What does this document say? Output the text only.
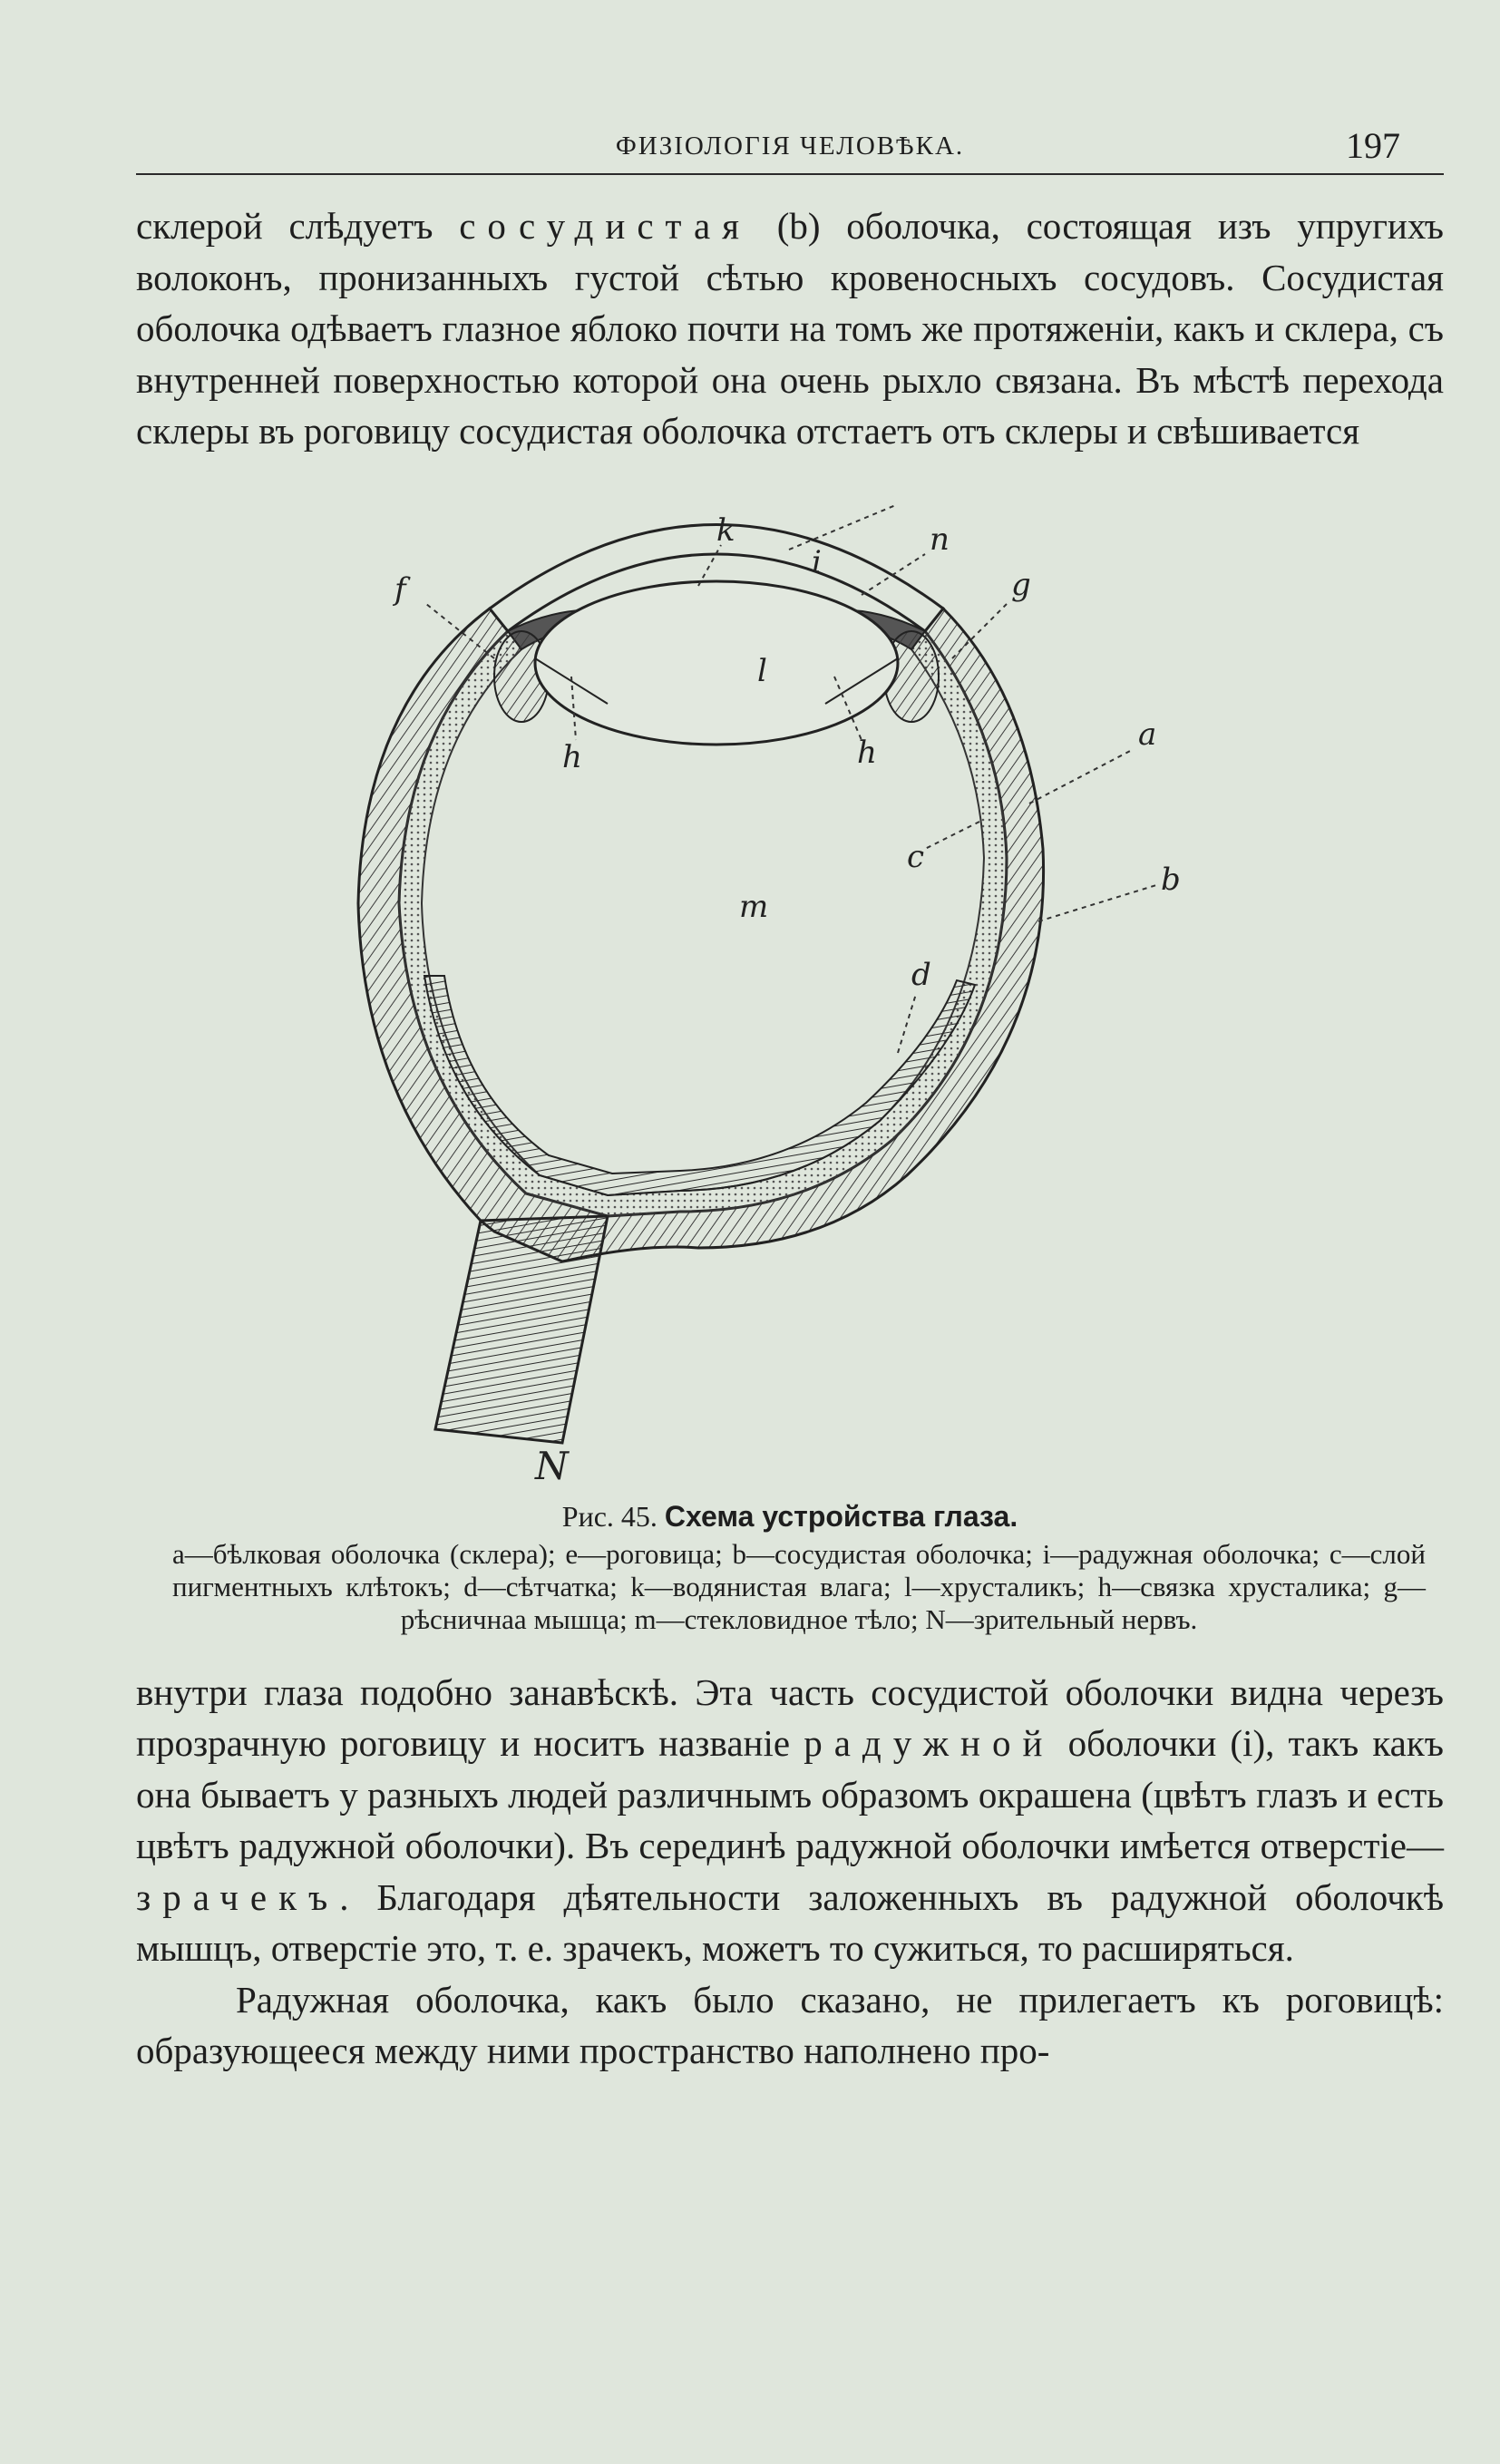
ФИЗІОЛОГІЯ ЧЕЛОВѢКА.	197

склерой слѣдуетъ сосудистая (b) оболочка, состоящая изъ упругихъ волоконъ, пронизанныхъ густой сѣтью кровеносныхъ сосудовъ. Сосудистая оболочка одѣваетъ глазное яблоко почти на томъ же протяженіи, какъ и склера, съ внутренней поверхностью которой она очень рыхло связана. Въ мѣстѣ перехода склеры въ роговицу сосудистая оболочка отстаетъ отъ склеры и свѣшивается

k
i
n
g
f
l
h	h	a
c
m
b
d
N
Рис. 45. Схема устройства глаза.

a—бѣлковая оболочка (склера); e—роговица; b—сосудистая оболочка; i—радужная оболочка; c—слой пигментныхъ клѣтокъ; d—сѣтчатка; k—водянистая влага; l—хрусталикъ; h—связка хрусталика; g—рѣсничнаа мышца; m—стекловидное тѣло; N—зрительный нервъ.

внутри глаза подобно занавѣскѣ. Эта часть сосудистой оболочки видна черезъ прозрачную роговицу и носитъ названіе радужной оболочки (i), такъ какъ она бываетъ у разныхъ людей различнымъ образомъ окрашена (цвѣтъ глазъ и есть цвѣтъ радужной оболочки). Въ серединѣ радужной оболочки имѣется отверстіе—зрачекъ. Благодаря дѣятельности заложенныхъ въ радужной оболочкѣ мышцъ, отверстіе это, т. е. зрачекъ, можетъ то сужиться, то расширяться.

Радужная оболочка, какъ было сказано, не прилегаетъ къ роговицѣ: образующееся между ними пространство наполнено про-
